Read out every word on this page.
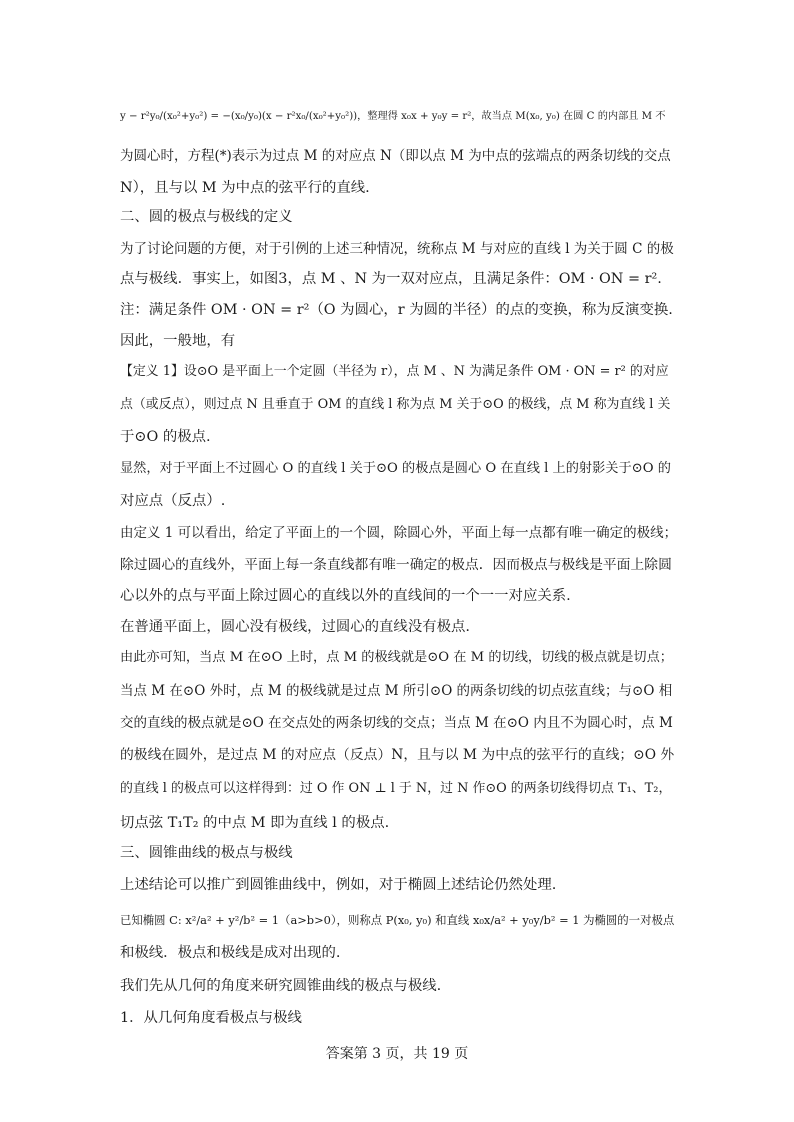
y − r²y₀/(x₀²+y₀²) = −(x₀/y₀)(x − r²x₀/(x₀²+y₀²))，整理得 x₀x + y₀y = r²，故当点 M(x₀, y₀) 在圆 C 的内部且 M 不
为圆心时，方程(*)表示为过点 M 的对应点 N（即以点 M 为中点的弦端点的两条切线的交点
N），且与以 M 为中点的弦平行的直线.
二、圆的极点与极线的定义
为了讨论问题的方便，对于引例的上述三种情况，统称点 M 与对应的直线 l 为关于圆 C 的极
点与极线．事实上，如图3，点 M 、N 为一双对应点，且满足条件：OM · ON = r².
注：满足条件 OM · ON = r²（O 为圆心，r 为圆的半径）的点的变换，称为反演变换.
因此，一般地，有
【定义 1】设⊙O 是平面上一个定圆（半径为 r），点 M 、N 为满足条件 OM · ON = r² 的对应
点（或反点），则过点 N 且垂直于 OM 的直线 l 称为点 M 关于⊙O 的极线，点 M 称为直线 l 关
于⊙O 的极点.
显然，对于平面上不过圆心 O 的直线 l 关于⊙O 的极点是圆心 O 在直线 l 上的射影关于⊙O 的
对应点（反点）.
由定义 1 可以看出，给定了平面上的一个圆，除圆心外，平面上每一点都有唯一确定的极线；
除过圆心的直线外，平面上每一条直线都有唯一确定的极点．因而极点与极线是平面上除圆
心以外的点与平面上除过圆心的直线以外的直线间的一个一一对应关系.
在普通平面上，圆心没有极线，过圆心的直线没有极点.
由此亦可知，当点 M 在⊙O 上时，点 M 的极线就是⊙O 在 M 的切线，切线的极点就是切点；
当点 M 在⊙O 外时，点 M 的极线就是过点 M 所引⊙O 的两条切线的切点弦直线；与⊙O 相
交的直线的极点就是⊙O 在交点处的两条切线的交点；当点 M 在⊙O 内且不为圆心时，点 M
的极线在圆外，是过点 M 的对应点（反点）N，且与以 M 为中点的弦平行的直线；⊙O 外
的直线 l 的极点可以这样得到：过 O 作 ON ⊥ l 于 N，过 N 作⊙O 的两条切线得切点 T₁、T₂，
切点弦 T₁T₂ 的中点 M 即为直线 l 的极点.
三、圆锥曲线的极点与极线
上述结论可以推广到圆锥曲线中，例如，对于椭圆上述结论仍然处理.
已知椭圆 C: x²/a² + y²/b² = 1（a>b>0），则称点 P(x₀, y₀) 和直线 x₀x/a² + y₀y/b² = 1 为椭圆的一对极点
和极线．极点和极线是成对出现的.
我们先从几何的角度来研究圆锥曲线的极点与极线.
1．从几何角度看极点与极线
答案第 3 页，共 19 页
